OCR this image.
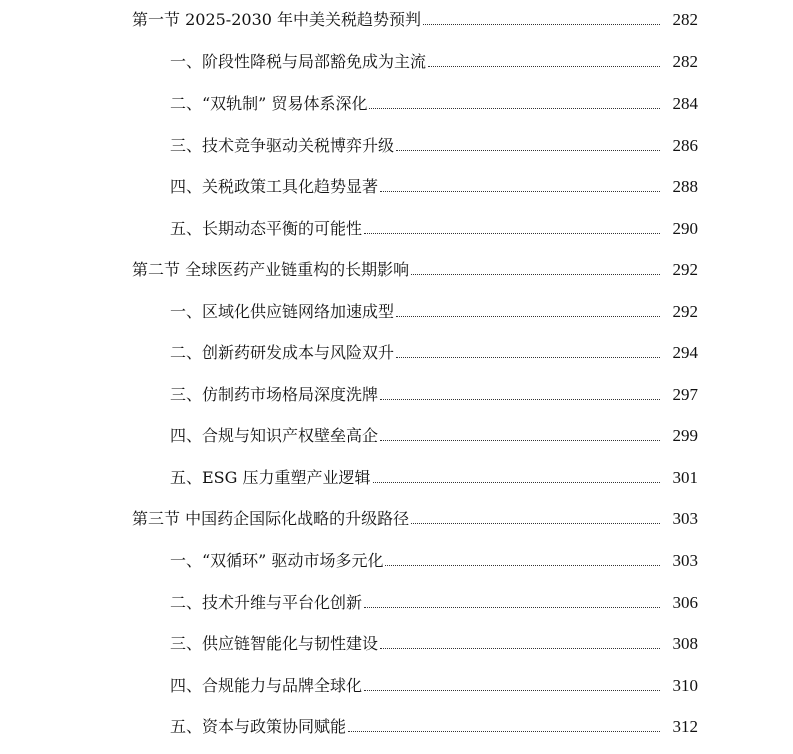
第一节 2025-2030 年中美关税趋势预判	282
一、阶段性降税与局部豁免成为主流	282
二、“双轨制” 贸易体系深化	284
三、技术竞争驱动关税博弈升级	286
四、关税政策工具化趋势显著	288
五、长期动态平衡的可能性	290
第二节 全球医药产业链重构的长期影响	292
一、区域化供应链网络加速成型	292
二、创新药研发成本与风险双升	294
三、仿制药市场格局深度洗牌	297
四、合规与知识产权壁垒高企	299
五、ESG 压力重塑产业逻辑	301
第三节 中国药企国际化战略的升级路径	303
一、“双循环” 驱动市场多元化	303
二、技术升维与平台化创新	306
三、供应链智能化与韧性建设	308
四、合规能力与品牌全球化	310
五、资本与政策协同赋能	312
